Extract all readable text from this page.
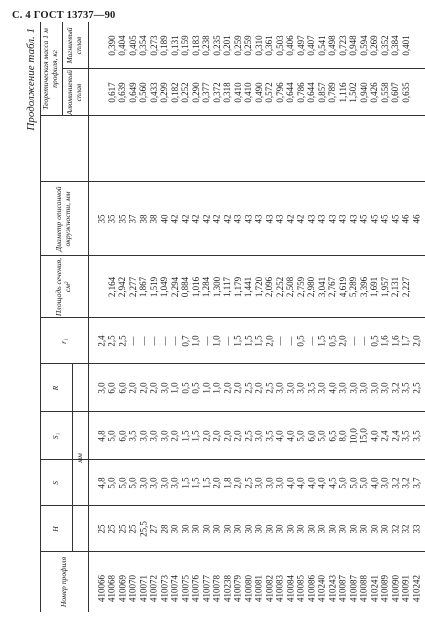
С. 4 ГОСТ 13737—90
Продолжение табл. 1
Номер профиля
H
S
S₁
R
r₁
мм
Площадь сечения, см²
Диаметр описанной окружности, мм
Теоретическая масса 1 м профиля, кг
Алюминиевый сплав
Магниевый сплав
410066
410068
410069
410070
410071
410072
410073
410074
410075
410076
410077
410078
410238
410079
410080
410081
410082
410083
410084
410085
410086
410240
410243
410087
410087
410088
410241
410089
410090
410091
410242
25
25
25
25
25,5
27
28
30
30
30
30
30
30
30
30
30
30
30
30
30
30
30
30
30
30
30
30
30
32
32
33
4,8
5,0
5,0
5,0
3,0
3,0
3,0
3,0
1,5
1,5
1,5
2,0
1,8
2,0
2,5
3,0
3,0
3,0
4,0
4,0
4,0
4,0
4,5
5,0
5,0
5,0
4,0
3,0
3,2
3,2
3,7
4,8
5,0
6,0
3,5
3,0
3,0
3,0
2,0
1,5
1,5
2,0
2,0
2,0
2,0
2,5
3,0
3,5
4,0
4,0
5,0
6,0
5,0
6,5
8,0
10,0
15,0
4,0
2,4
2,4
3,5
3,5
3,0
6,0
6,0
2,0
2,0
2,0
3,0
1,0
0,5
0,5
1,0
1,0
2,0
2,0
2,5
2,0
2,5
3,0
3,0
3,0
3,5
3,0
4,0
3,0
3,0
3,0
3,0
3,0
3,2
3,5
2,5
2,4
2,5
2,5
—
—
—
—
—
0,7
1,0
—
1,0
—
1,5
1,5
1,5
2,0
—
—
0,5
—
1,5
0,5
2,0
—
—
0,5
1,6
1,6
1,7
2,0
2,164
2,942
2,277
1,867
1,519
1,049
2,294
0,884
1,016
1,284
1,300
1,117
1,179
1,441
1,720
2,096
2,252
2,508
2,759
2,980
3,041
2,767
4,619
5,289
3,396
1,691
1,957
2,131
2,227
35
35
35
37
38
38
40
42
42
42
42
42
42
43
43
43
43
43
42
42
43
43
43
43
43
45
45
45
45
46
46
0,617
0,639
0,649
0,560
0,433
0,299
0,182
0,252
0,290
0,377
0,372
0,318
0,410
0,410
0,490
0,572
0,796
0,644
0,786
0,644
0,857
0,789
1,116
1,502
0,940
0,426
0,558
0,607
0,635
0,390
0,404
0,405
0,354
0,273
0,189
0,131
0,159
0,183
0,238
0,235
0,201
0,259
0,259
0,310
0,361
0,503
0,406
0,497
0,407
0,541
0,498
0,723
0,948
0,594
0,269
0,352
0,384
0,401
